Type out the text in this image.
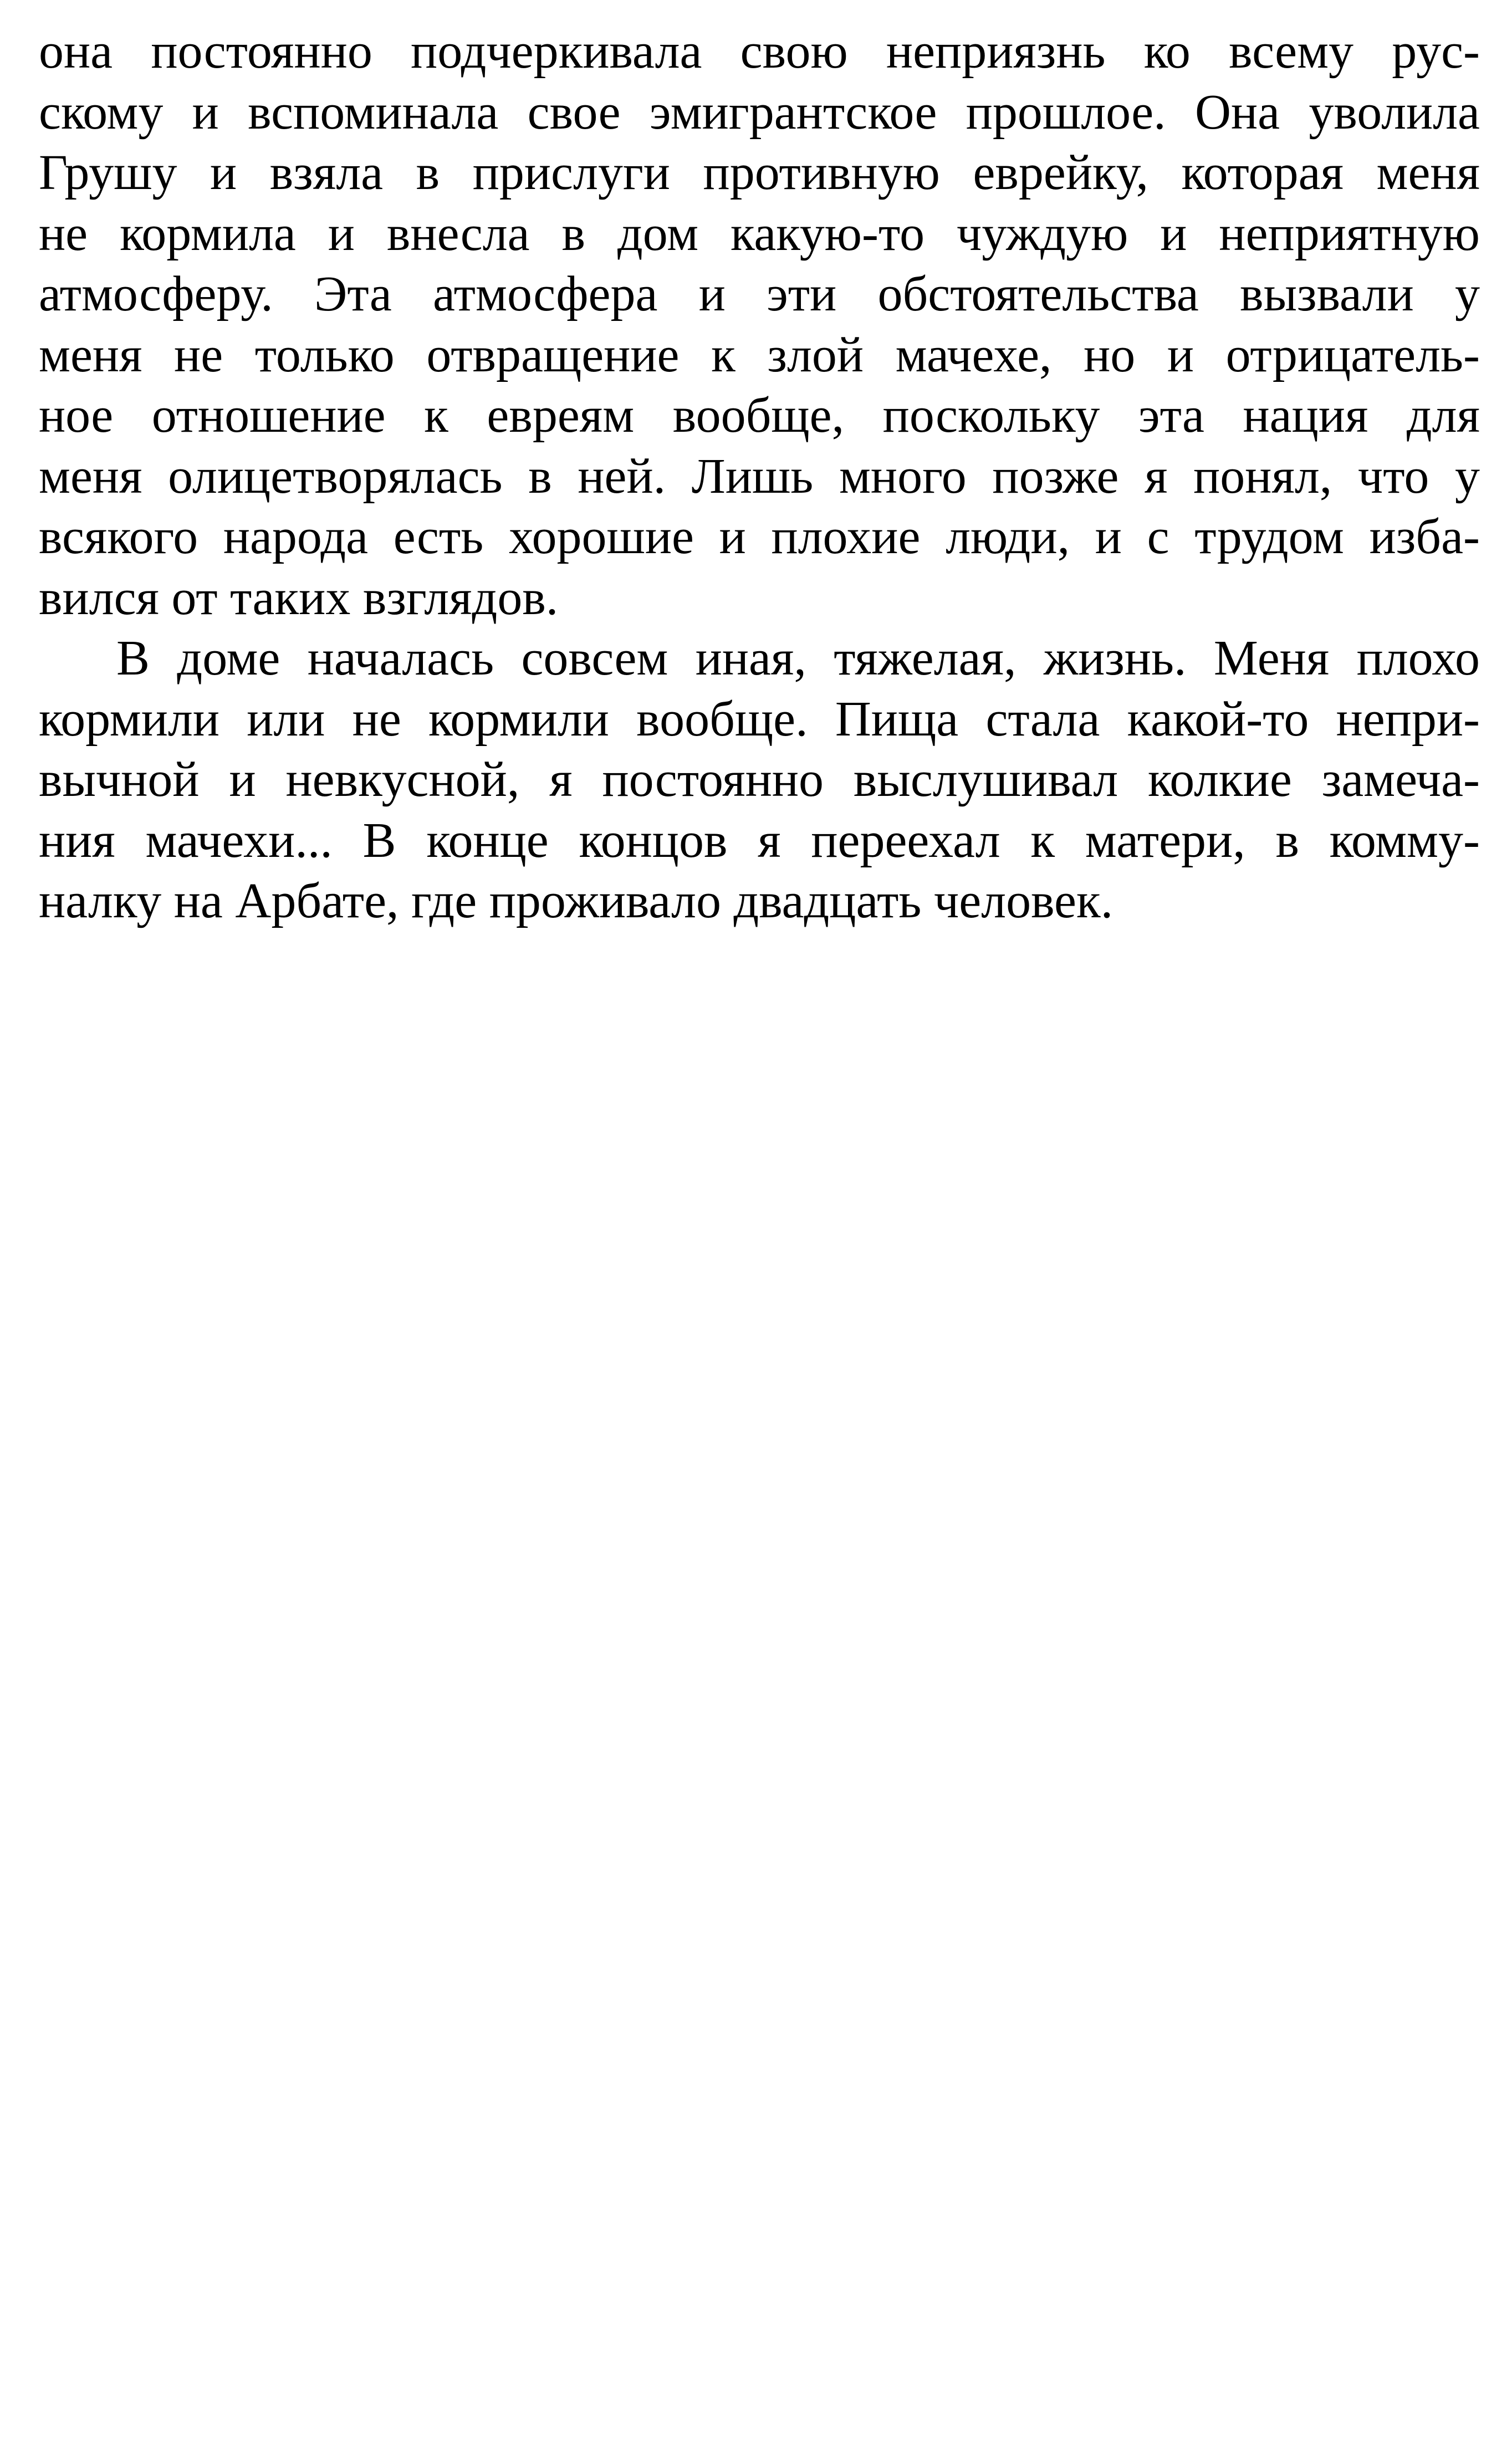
она постоянно подчеркивала свою неприязнь ко всему рус-
скому и вспоминала свое эмигрантское прошлое. Она уволила
Грушу и взяла в прислуги противную еврейку, которая меня
не кормила и внесла в дом какую-то чуждую и неприятную
атмосферу. Эта атмосфера и эти обстоятельства вызвали у
меня не только отвращение к злой мачехе, но и отрицатель-
ное отношение к евреям вообще, поскольку эта нация для
меня олицетворялась в ней. Лишь много позже я понял, что у
всякого народа есть хорошие и плохие люди, и с трудом изба-
вился от таких взглядов.
В доме началась совсем иная, тяжелая, жизнь. Меня плохо
кормили или не кормили вообще. Пища стала какой-то непри-
вычной и невкусной, я постоянно выслушивал колкие замеча-
ния мачехи... В конце концов я переехал к матери, в комму-
налку на Арбате, где проживало двадцать человек.
